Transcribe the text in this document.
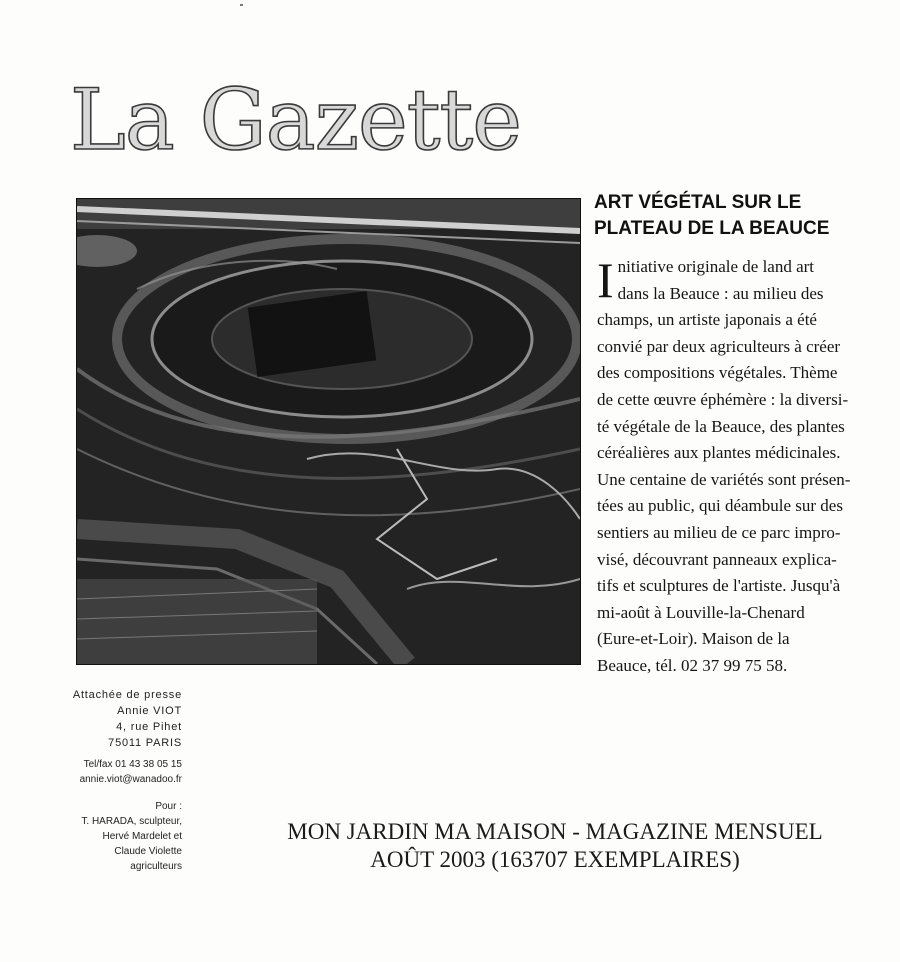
La Gazette
ART VÉGÉTAL SUR LE
PLATEAU DE LA BEAUCE
I nitiative originale de land art
dans la Beauce : au milieu des
champs, un artiste japonais a été
convié par deux agriculteurs à créer
des compositions végétales. Thème
de cette œuvre éphémère : la diversi-
té végétale de la Beauce, des plantes
céréalières aux plantes médicinales.
Une centaine de variétés sont présen-
tées au public, qui déambule sur des
sentiers au milieu de ce parc impro-
visé, découvrant panneaux explica-
tifs et sculptures de l'artiste. Jusqu'à
mi-août à Louville-la-Chenard
(Eure-et-Loir). Maison de la
Beauce, tél. 02 37 99 75 58.
Attachée de presse
Annie VIOT
4, rue Pihet
75011 PARIS
Tel/fax 01 43 38 05 15
annie.viot@wanadoo.fr
Pour :
T. HARADA, sculpteur,
Hervé Mardelet et
Claude Violette
agriculteurs
MON JARDIN MA MAISON - MAGAZINE MENSUEL
AOÛT 2003 (163707 EXEMPLAIRES)
